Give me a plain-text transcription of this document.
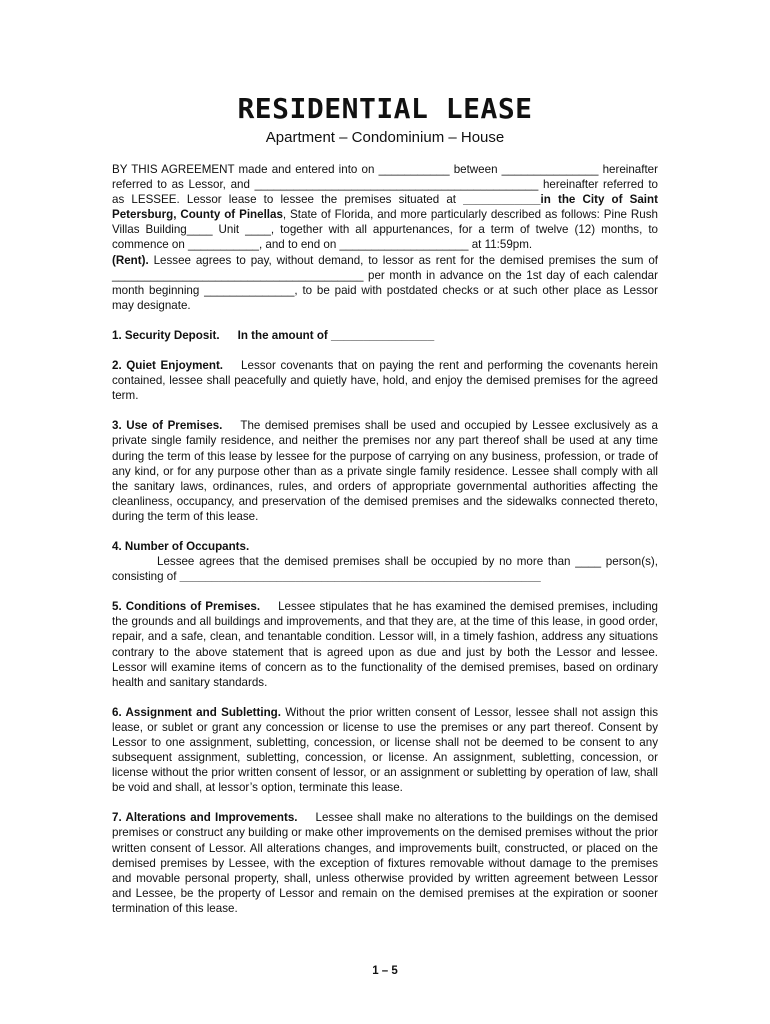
RESIDENTIAL LEASE
Apartment – Condominium – House

BY THIS AGREEMENT made and entered into on ___________ between _______________ hereinafter referred to as Lessor, and ____________________________________________ hereinafter referred to as LESSEE. Lessor lease to lessee the premises situated at ____________in the City of Saint Petersburg, County of Pinellas, State of Florida, and more particularly described as follows: Pine Rush Villas Building____ Unit ____, together with all appurtenances, for a term of twelve (12) months, to commence on ___________, and to end on ____________________ at 11:59pm.

(Rent). Lessee agrees to pay, without demand, to lessor as rent for the demised premises the sum of _______________________________________ per month in advance on the 1st day of each calendar month beginning ______________, to be paid with postdated checks or at such other place as Lessor may designate.

1. Security Deposit. In the amount of ________________

2. Quiet Enjoyment. Lessor covenants that on paying the rent and performing the covenants herein contained, lessee shall peacefully and quietly have, hold, and enjoy the demised premises for the agreed term.

3. Use of Premises. The demised premises shall be used and occupied by Lessee exclusively as a private single family residence, and neither the premises nor any part thereof shall be used at any time during the term of this lease by lessee for the purpose of carrying on any business, profession, or trade of any kind, or for any purpose other than as a private single family residence. Lessee shall comply with all the sanitary laws, ordinances, rules, and orders of appropriate governmental authorities affecting the cleanliness, occupancy, and preservation of the demised premises and the sidewalks connected thereto, during the term of this lease.

4. Number of Occupants.

Lessee agrees that the demised premises shall be occupied by no more than ____ person(s), consisting of ________________________________________________________

5. Conditions of Premises. Lessee stipulates that he has examined the demised premises, including the grounds and all buildings and improvements, and that they are, at the time of this lease, in good order, repair, and a safe, clean, and tenantable condition. Lessor will, in a timely fashion, address any situations contrary to the above statement that is agreed upon as due and just by both the Lessor and lessee. Lessor will examine items of concern as to the functionality of the demised premises, based on ordinary health and sanitary standards.

6. Assignment and Subletting. Without the prior written consent of Lessor, lessee shall not assign this lease, or sublet or grant any concession or license to use the premises or any part thereof. Consent by Lessor to one assignment, subletting, concession, or license shall not be deemed to be consent to any subsequent assignment, subletting, concession, or license. An assignment, subletting, concession, or license without the prior written consent of lessor, or an assignment or subletting by operation of law, shall be void and shall, at lessor’s option, terminate this lease.

7. Alterations and Improvements. Lessee shall make no alterations to the buildings on the demised premises or construct any building or make other improvements on the demised premises without the prior written consent of Lessor. All alterations changes, and improvements built, constructed, or placed on the demised premises by Lessee, with the exception of fixtures removable without damage to the premises and movable personal property, shall, unless otherwise provided by written agreement between Lessor and Lessee, be the property of Lessor and remain on the demised premises at the expiration or sooner termination of this lease.

1 – 5
